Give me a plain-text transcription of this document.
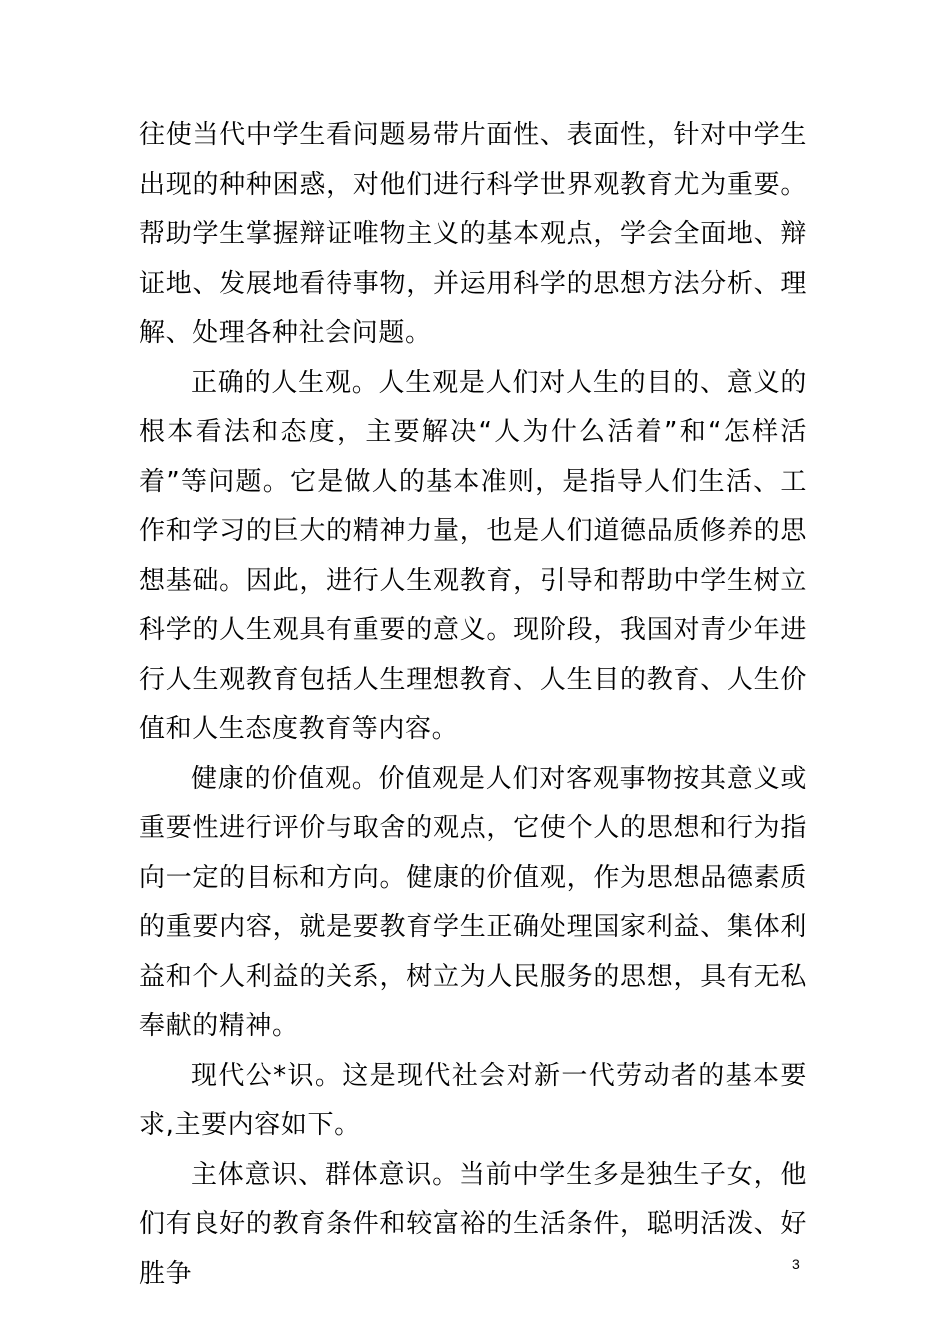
往使当代中学生看问题易带片面性、表面性，针对中学生出现的种种困惑，对他们进行科学世界观教育尤为重要。帮助学生掌握辩证唯物主义的基本观点，学会全面地、辩证地、发展地看待事物，并运用科学的思想方法分析、理解、处理各种社会问题。

正确的人生观。人生观是人们对人生的目的、意义的根本看法和态度，主要解决“人为什么活着”和“怎样活着”等问题。它是做人的基本准则，是指导人们生活、工作和学习的巨大的精神力量，也是人们道德品质修养的思想基础。因此，进行人生观教育，引导和帮助中学生树立科学的人生观具有重要的意义。现阶段，我国对青少年进行人生观教育包括人生理想教育、人生目的教育、人生价值和人生态度教育等内容。

健康的价值观。价值观是人们对客观事物按其意义或重要性进行评价与取舍的观点，它使个人的思想和行为指向一定的目标和方向。健康的价值观，作为思想品德素质的重要内容，就是要教育学生正确处理国家利益、集体利益和个人利益的关系，树立为人民服务的思想，具有无私奉献的精神。

现代公*识。这是现代社会对新一代劳动者的基本要求,主要内容如下。

主体意识、群体意识。当前中学生多是独生子女，他们有良好的教育条件和较富裕的生活条件，聪明活泼、好胜争	3
